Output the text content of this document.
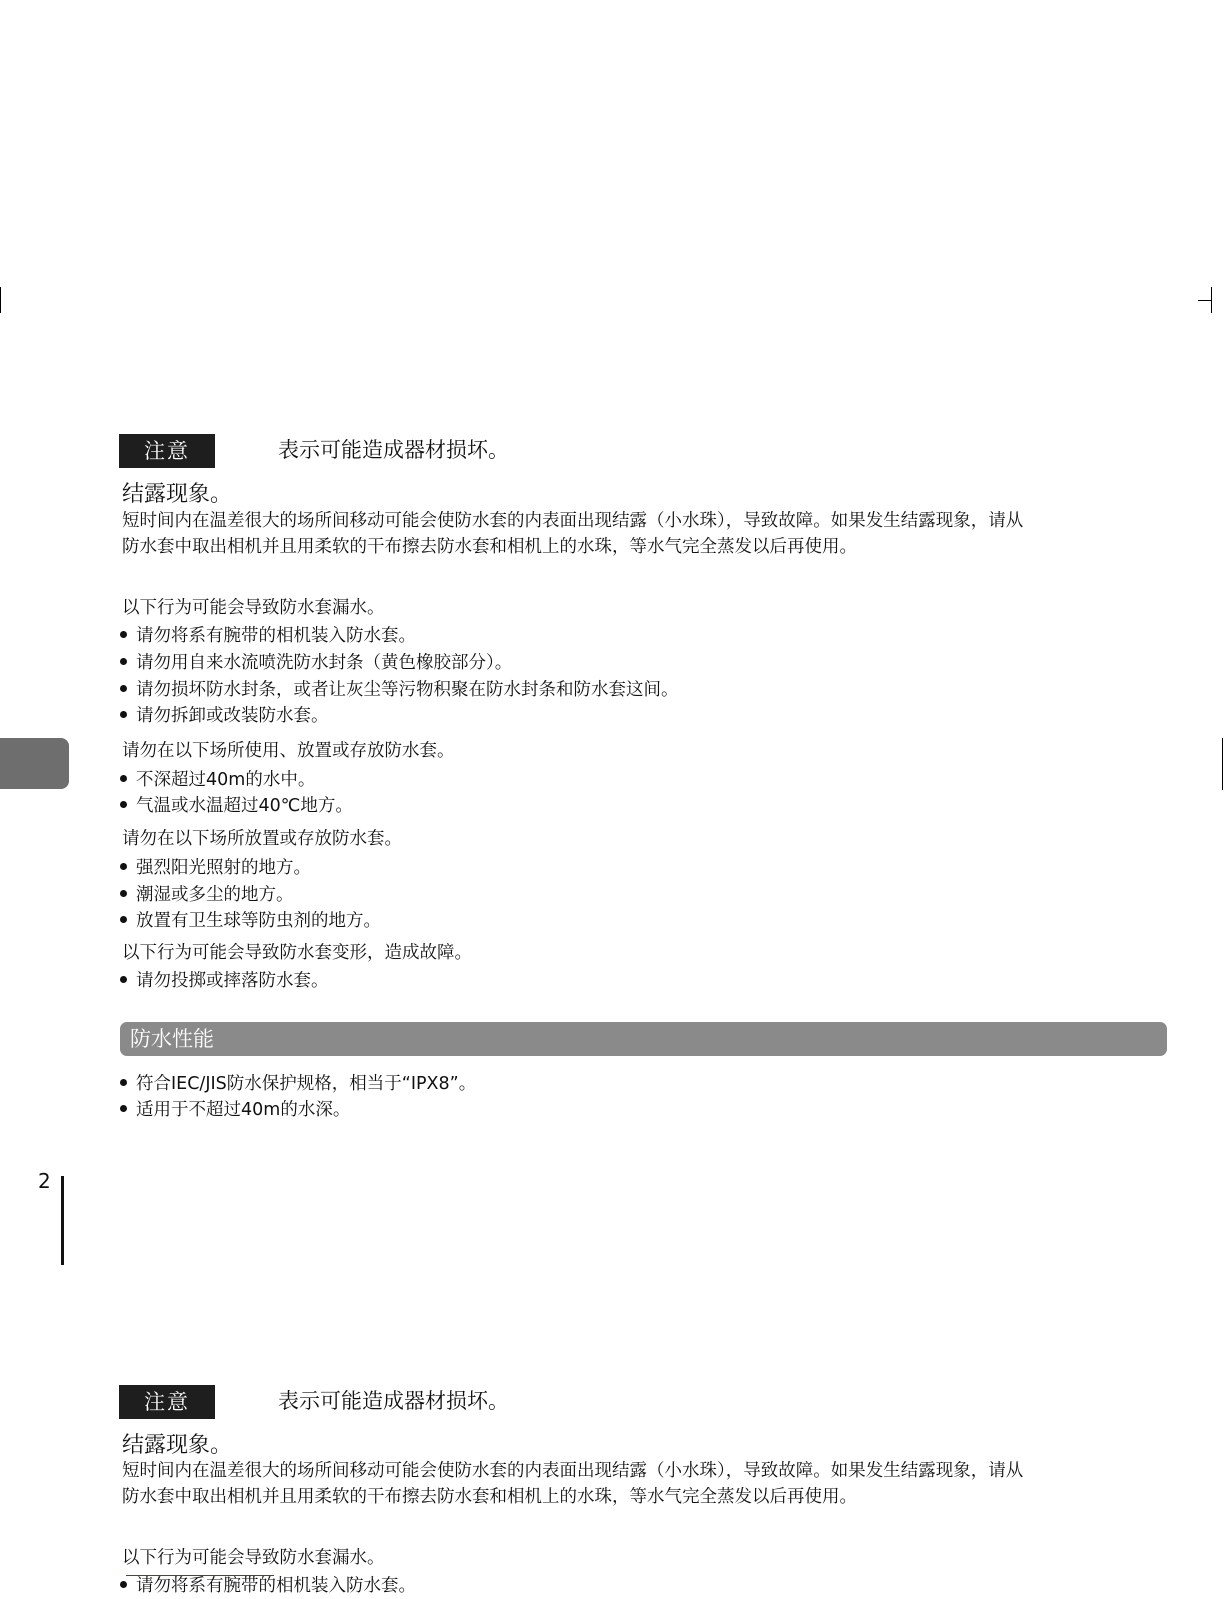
注意	表示可能造成器材损坏。
结露现象。
短时间内在温差很大的场所间移动可能会使防水套的内表面出现结露（小水珠），导致故障。如果发生结露现象，请从
防水套中取出相机并且用柔软的干布擦去防水套和相机上的水珠，等水气完全蒸发以后再使用。
以下行为可能会导致防水套漏水。
请勿将系有腕带的相机装入防水套。
请勿用自来水流喷洗防水封条（黄色橡胶部分）。
请勿损坏防水封条，或者让灰尘等污物积聚在防水封条和防水套这间。
请勿拆卸或改装防水套。
请勿在以下场所使用、放置或存放防水套。
不深超过40m的水中。
气温或水温超过40℃地方。
请勿在以下场所放置或存放防水套。
强烈阳光照射的地方。
潮湿或多尘的地方。
放置有卫生球等防虫剂的地方。
以下行为可能会导致防水套变形，造成故障。
请勿投掷或摔落防水套。
防水性能
符合IEC/JIS防水保护规格，相当于“IPX8”。
适用于不超过40m的水深。
2
注意	表示可能造成器材损坏。
结露现象。
短时间内在温差很大的场所间移动可能会使防水套的内表面出现结露（小水珠），导致故障。如果发生结露现象，请从
防水套中取出相机并且用柔软的干布擦去防水套和相机上的水珠，等水气完全蒸发以后再使用。
以下行为可能会导致防水套漏水。
请勿将系有腕带的相机装入防水套。
